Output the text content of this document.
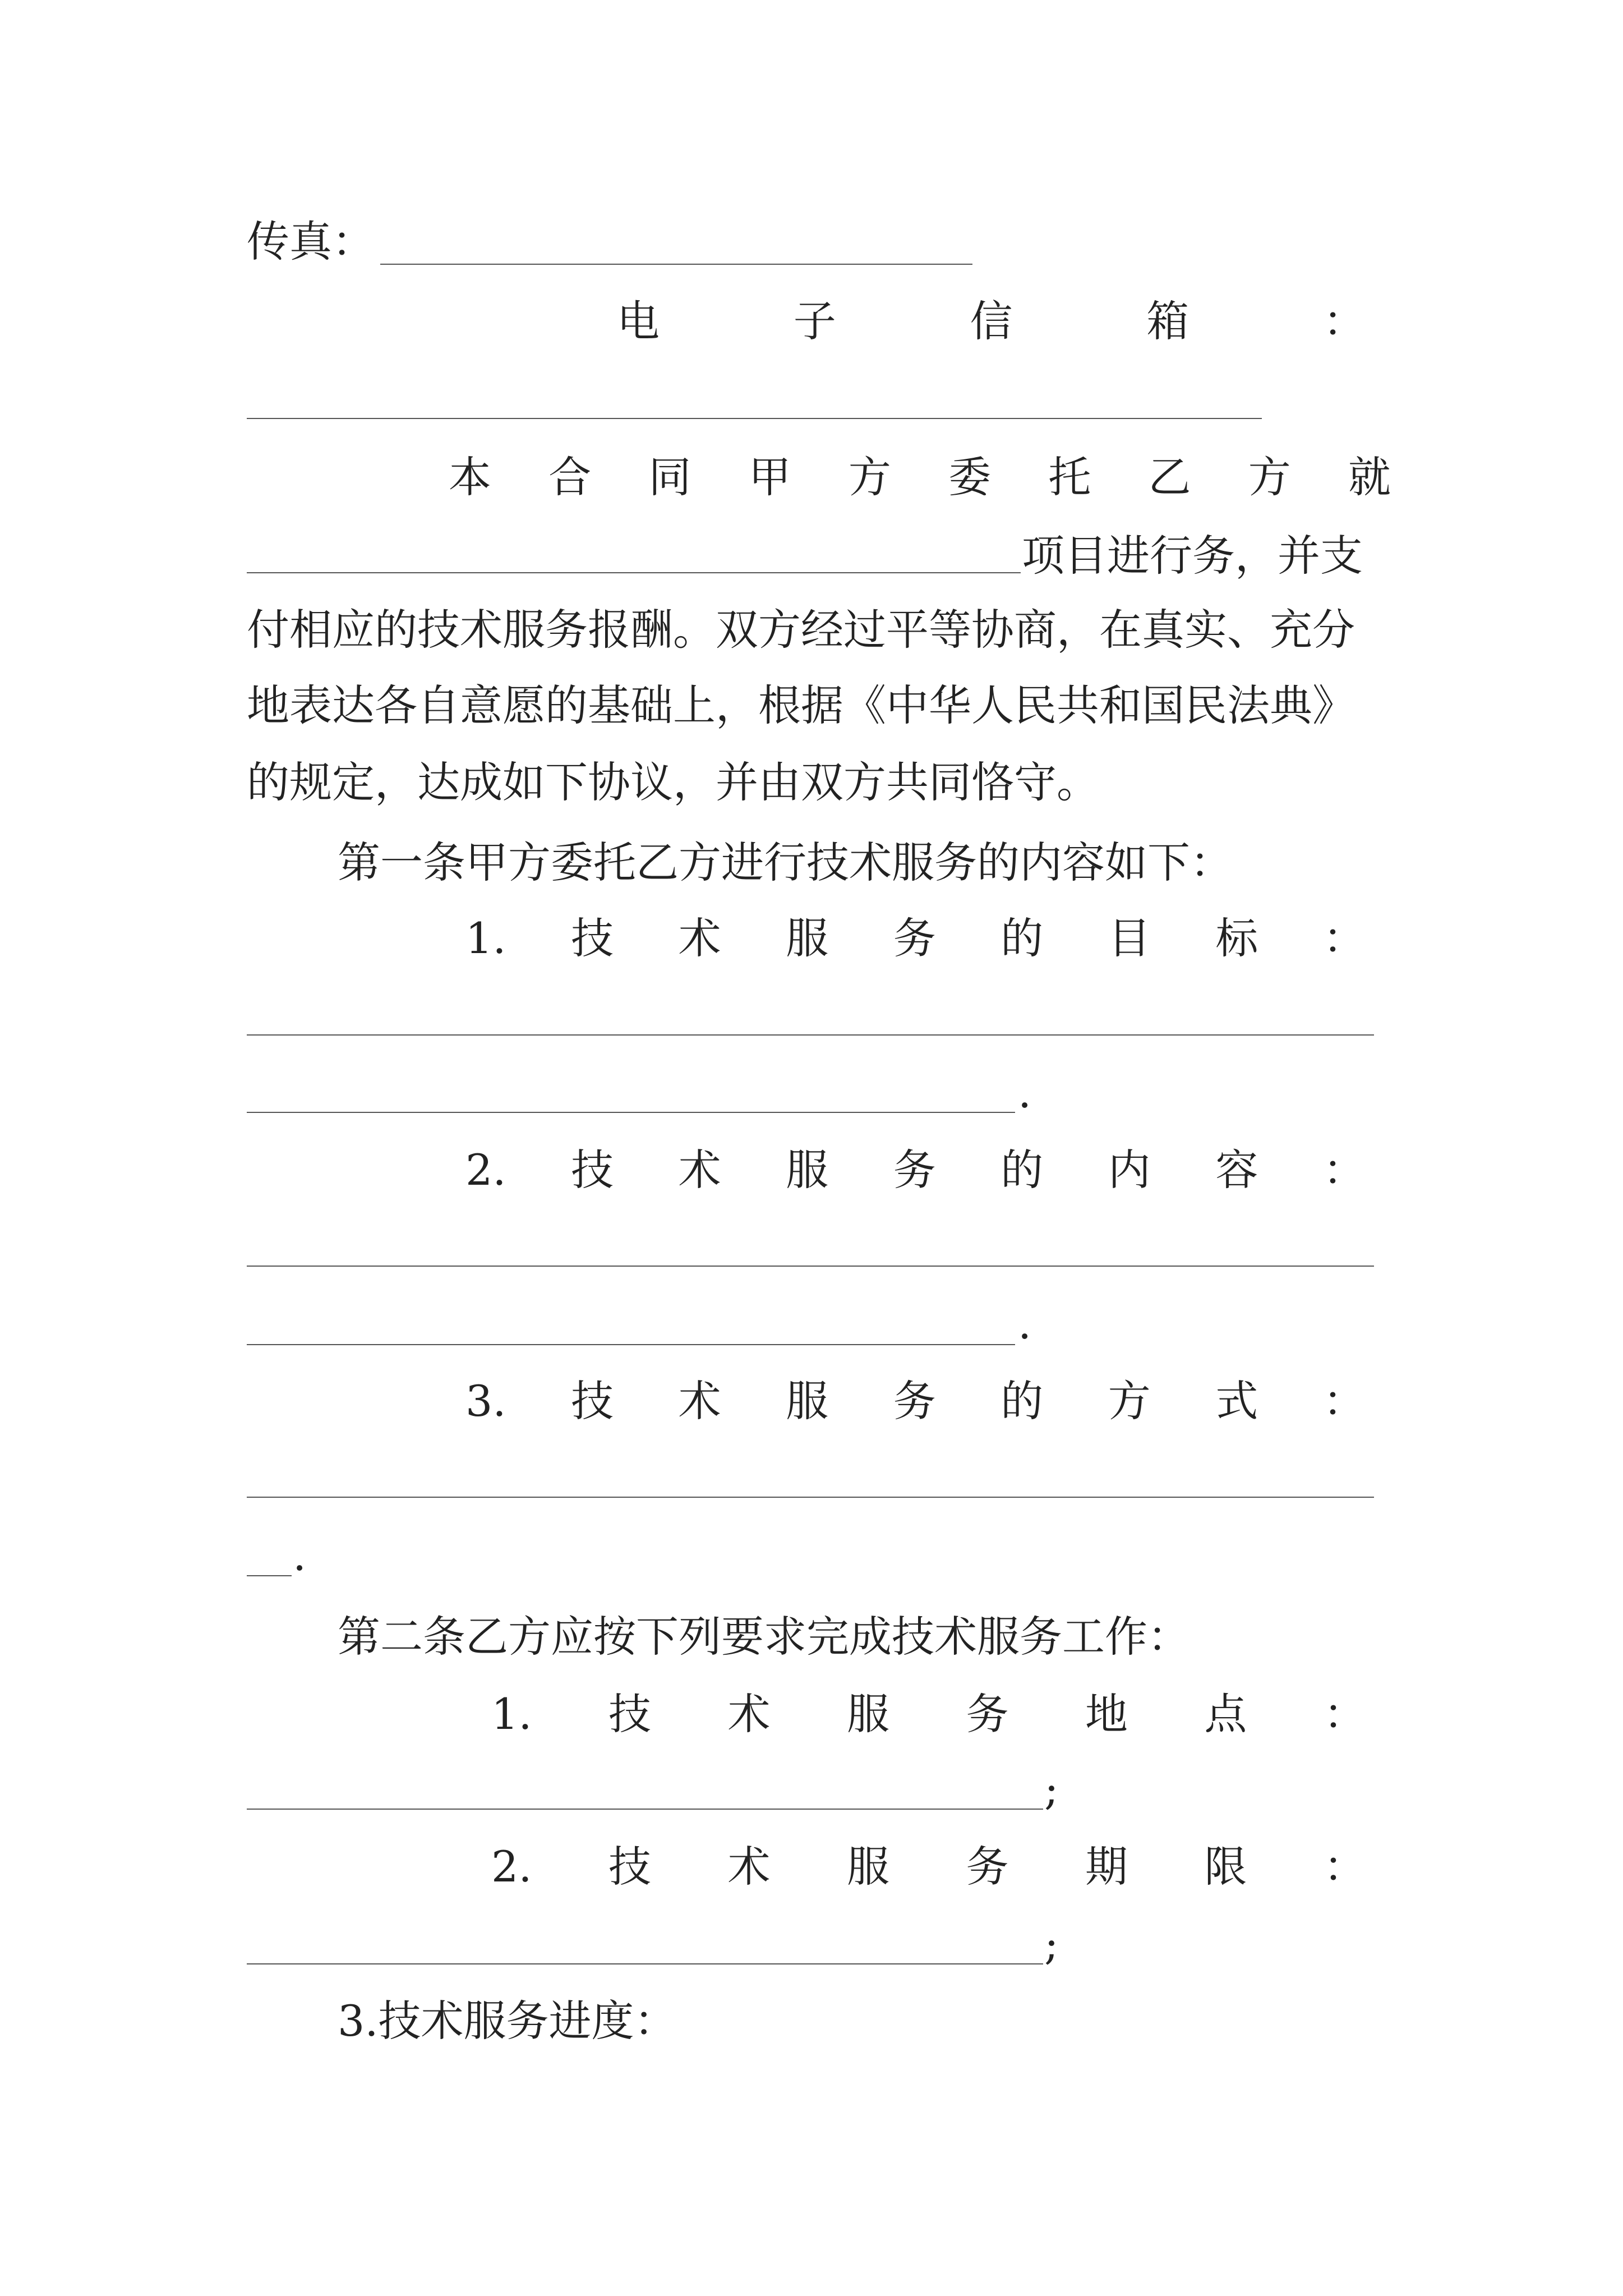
传真：
电	子	信	箱	：
本 合 同 甲 方 委 托 乙 方 就
项目进行务，并支
付相应的技术服务报酬。双方经过平等协商，在真实、充分
地表达各自意愿的基础上，根据《中华人民共和国民法典》
的规定，达成如下协议，并由双方共同恪守。
第一条甲方委托乙方进行技术服务的内容如下：
1. 技 术 服 务 的 目 标 ：
.
2. 技 术 服 务 的 内 容 ：
.
3. 技 术 服 务 的 方 式 ：
.
第二条乙方应按下列要求完成技术服务工作：
1. 技 术 服 务 地 点 ：
;
2. 技 术 服 务 期 限 ：
;
3.技术服务进度：
